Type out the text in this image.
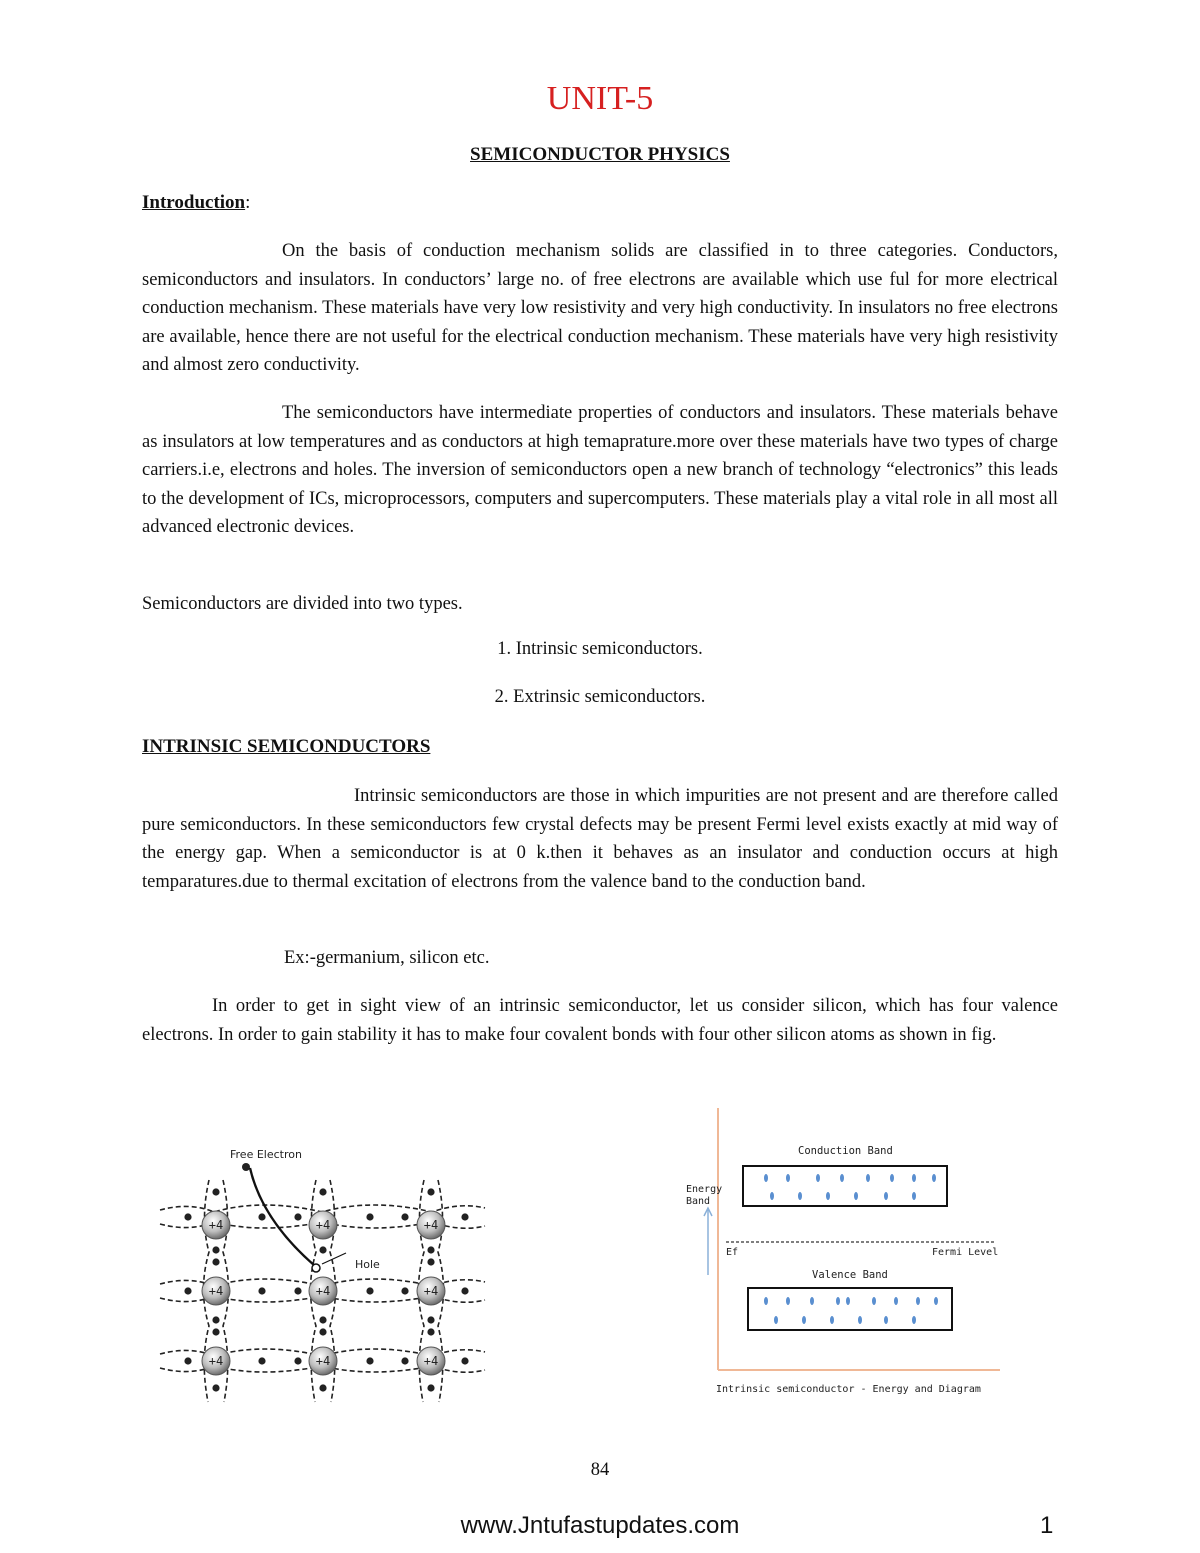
UNIT-5
SEMICONDUCTOR PHYSICS
Introduction:
On the basis of conduction mechanism solids are classified in to three categories. Conductors, semiconductors and insulators. In conductors’ large no. of free electrons are available which use ful for more electrical conduction mechanism. These materials have very low resistivity and very high conductivity. In insulators no free electrons are available, hence there are not useful for the electrical conduction mechanism. These materials have very high resistivity and almost zero conductivity.
The semiconductors have intermediate properties of conductors and insulators. These materials behave as insulators at low temperatures and as conductors at high temaprature.more over these materials have two types of charge carriers.i.e, electrons and holes. The inversion of semiconductors open a new branch of technology “electronics” this leads to the development of ICs, microprocessors, computers and supercomputers. These materials play a vital role in all most all advanced electronic devices.
Semiconductors are divided into two types.
1. Intrinsic semiconductors.
2. Extrinsic semiconductors.
INTRINSIC SEMICONDUCTORS
Intrinsic semiconductors are those in which impurities are not present and are therefore called pure semiconductors. In these semiconductors few crystal defects may be present Fermi level exists exactly at mid way of the energy gap. When a semiconductor is at 0 k.then it behaves as an insulator and conduction occurs at high temparatures.due to thermal excitation of electrons from the valence band to the conduction band.
Ex:-germanium, silicon etc.
In order to get in sight view of an intrinsic semiconductor, let us consider silicon, which has four valence electrons. In order to gain stability it has to make four covalent bonds with four other silicon atoms as shown in fig.
+4	+4	+4
+4	+4	+4
+4	+4	+4
Free Electron
Hole
Energy
Band
Conduction Band
Ef	Fermi Level
Valence Band
Intrinsic semiconductor - Energy and Diagram
84
www.Jntufastupdates.com	1
